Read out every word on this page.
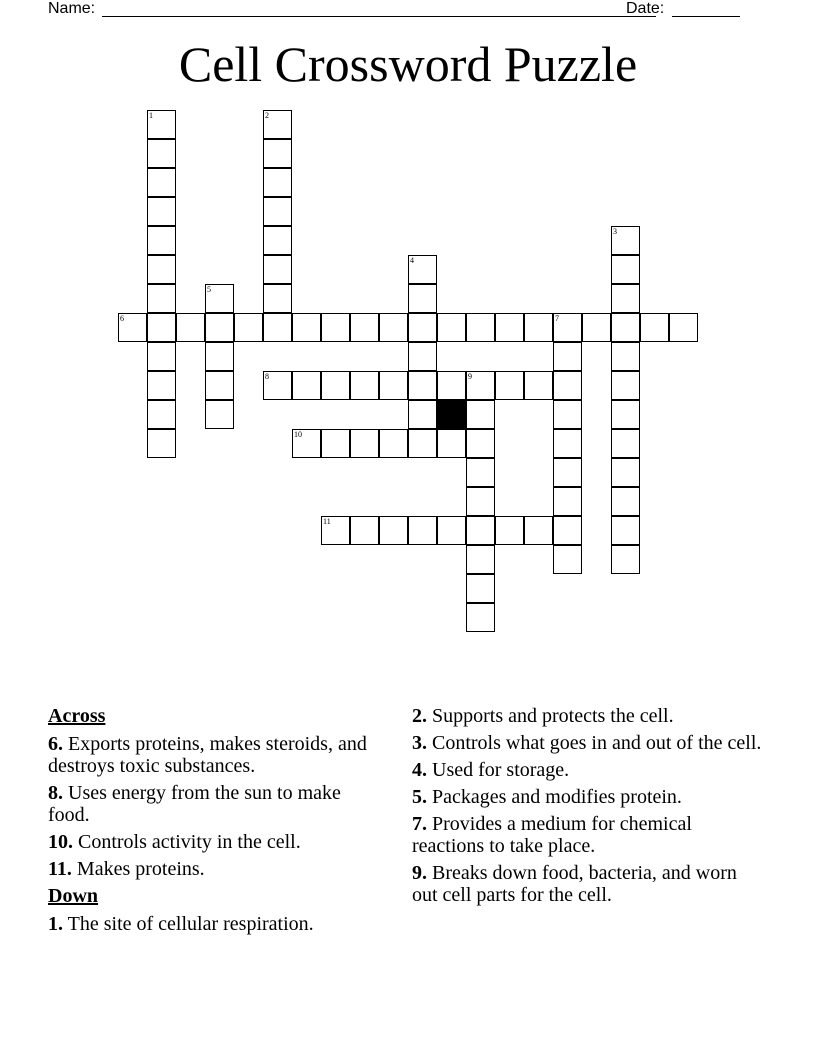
Name:	Date:
Cell Crossword Puzzle
1	2
3
4
5
6	7
8	9
10
11
Across
6. Exports proteins, makes steroids, and destroys toxic substances.
8. Uses energy from the sun to make food.
10. Controls activity in the cell.
11. Makes proteins.
Down
1. The site of cellular respiration.
2. Supports and protects the cell.
3. Controls what goes in and out of the cell.
4. Used for storage.
5. Packages and modifies protein.
7. Provides a medium for chemical reactions to take place.
9. Breaks down food, bacteria, and worn out cell parts for the cell.
